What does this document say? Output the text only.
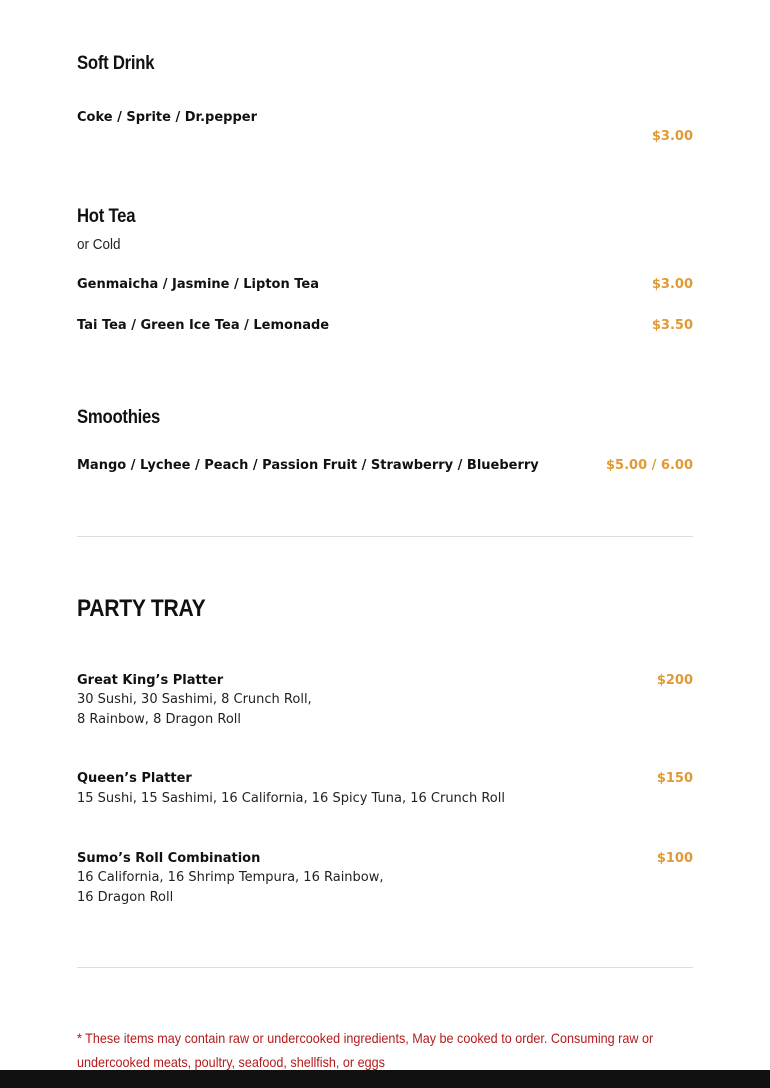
Soft Drink
Coke / Sprite / Dr.pepper
$3.00
Hot Tea
or Cold
Genmaicha / Jasmine / Lipton Tea	$3.00
Tai Tea / Green Ice Tea / Lemonade	$3.50
Smoothies
Mango / Lychee / Peach / Passion Fruit / Strawberry / Blueberry	$5.00 / 6.00
PARTY TRAY
Great King’s Platter	$200
30 Sushi, 30 Sashimi, 8 Crunch Roll,
8 Rainbow, 8 Dragon Roll
Queen’s Platter	$150
15 Sushi, 15 Sashimi, 16 California, 16 Spicy Tuna, 16 Crunch Roll
Sumo’s Roll Combination	$100
16 California, 16 Shrimp Tempura, 16 Rainbow,
16 Dragon Roll
* These items may contain raw or undercooked ingredients, May be cooked to order. Consuming raw or undercooked meats, poultry, seafood, shellfish, or eggs
